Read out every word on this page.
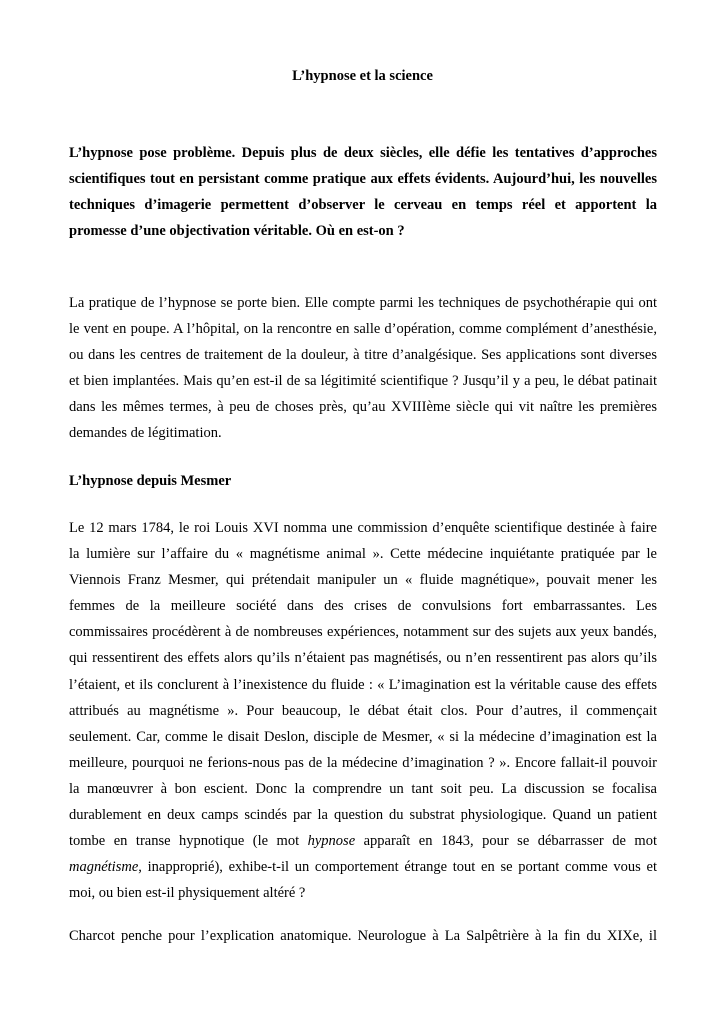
L’hypnose et la science
L’hypnose pose problème. Depuis plus de deux siècles, elle défie les tentatives d’approches
scientifiques tout en persistant comme pratique aux effets évidents. Aujourd’hui, les nouvelles
techniques d’imagerie permettent d’observer le cerveau en temps réel et apportent la
promesse d’une objectivation véritable. Où en est-on ?
La pratique de l’hypnose se porte bien. Elle compte parmi les techniques de psychothérapie qui ont
le vent en poupe. A l’hôpital, on la rencontre en salle d’opération, comme complément d’anesthésie,
ou dans les centres de traitement de la douleur, à titre d’analgésique. Ses applications sont diverses
et bien implantées. Mais qu’en est-il de sa légitimité scientifique ? Jusqu’il y a peu, le débat patinait
dans les mêmes termes, à peu de choses près, qu’au XVIIIème siècle qui vit naître les premières
demandes de légitimation.
L’hypnose depuis Mesmer
Le 12 mars 1784, le roi Louis XVI nomma une commission d’enquête scientifique destinée à faire
la lumière sur l’affaire du « magnétisme animal ». Cette médecine inquiétante pratiquée par le
Viennois Franz Mesmer, qui prétendait manipuler un « fluide magnétique», pouvait mener les
femmes de la meilleure société dans des crises de convulsions fort embarrassantes. Les
commissaires procédèrent à de nombreuses expériences, notamment sur des sujets aux yeux bandés,
qui ressentirent des effets alors qu’ils n’étaient pas magnétisés, ou n’en ressentirent pas alors qu’ils
l’étaient, et ils conclurent à l’inexistence du fluide : « L’imagination est la véritable cause des effets
attribués au magnétisme ». Pour beaucoup, le débat était clos. Pour d’autres, il commençait
seulement. Car, comme le disait Deslon, disciple de Mesmer, « si la médecine d’imagination est la
meilleure, pourquoi ne ferions-nous pas de la médecine d’imagination ? ». Encore fallait-il pouvoir
la manœuvrer à bon escient. Donc la comprendre un tant soit peu. La discussion se focalisa
durablement en deux camps scindés par la question du substrat physiologique. Quand un patient
tombe en transe hypnotique (le mot hypnose apparaît en 1843, pour se débarrasser de mot
magnétisme, inapproprié), exhibe-t-il un comportement étrange tout en se portant comme vous et
moi, ou bien est-il physiquement altéré ?
Charcot penche pour l’explication anatomique. Neurologue à La Salpêtrière à la fin du XIXe, il
